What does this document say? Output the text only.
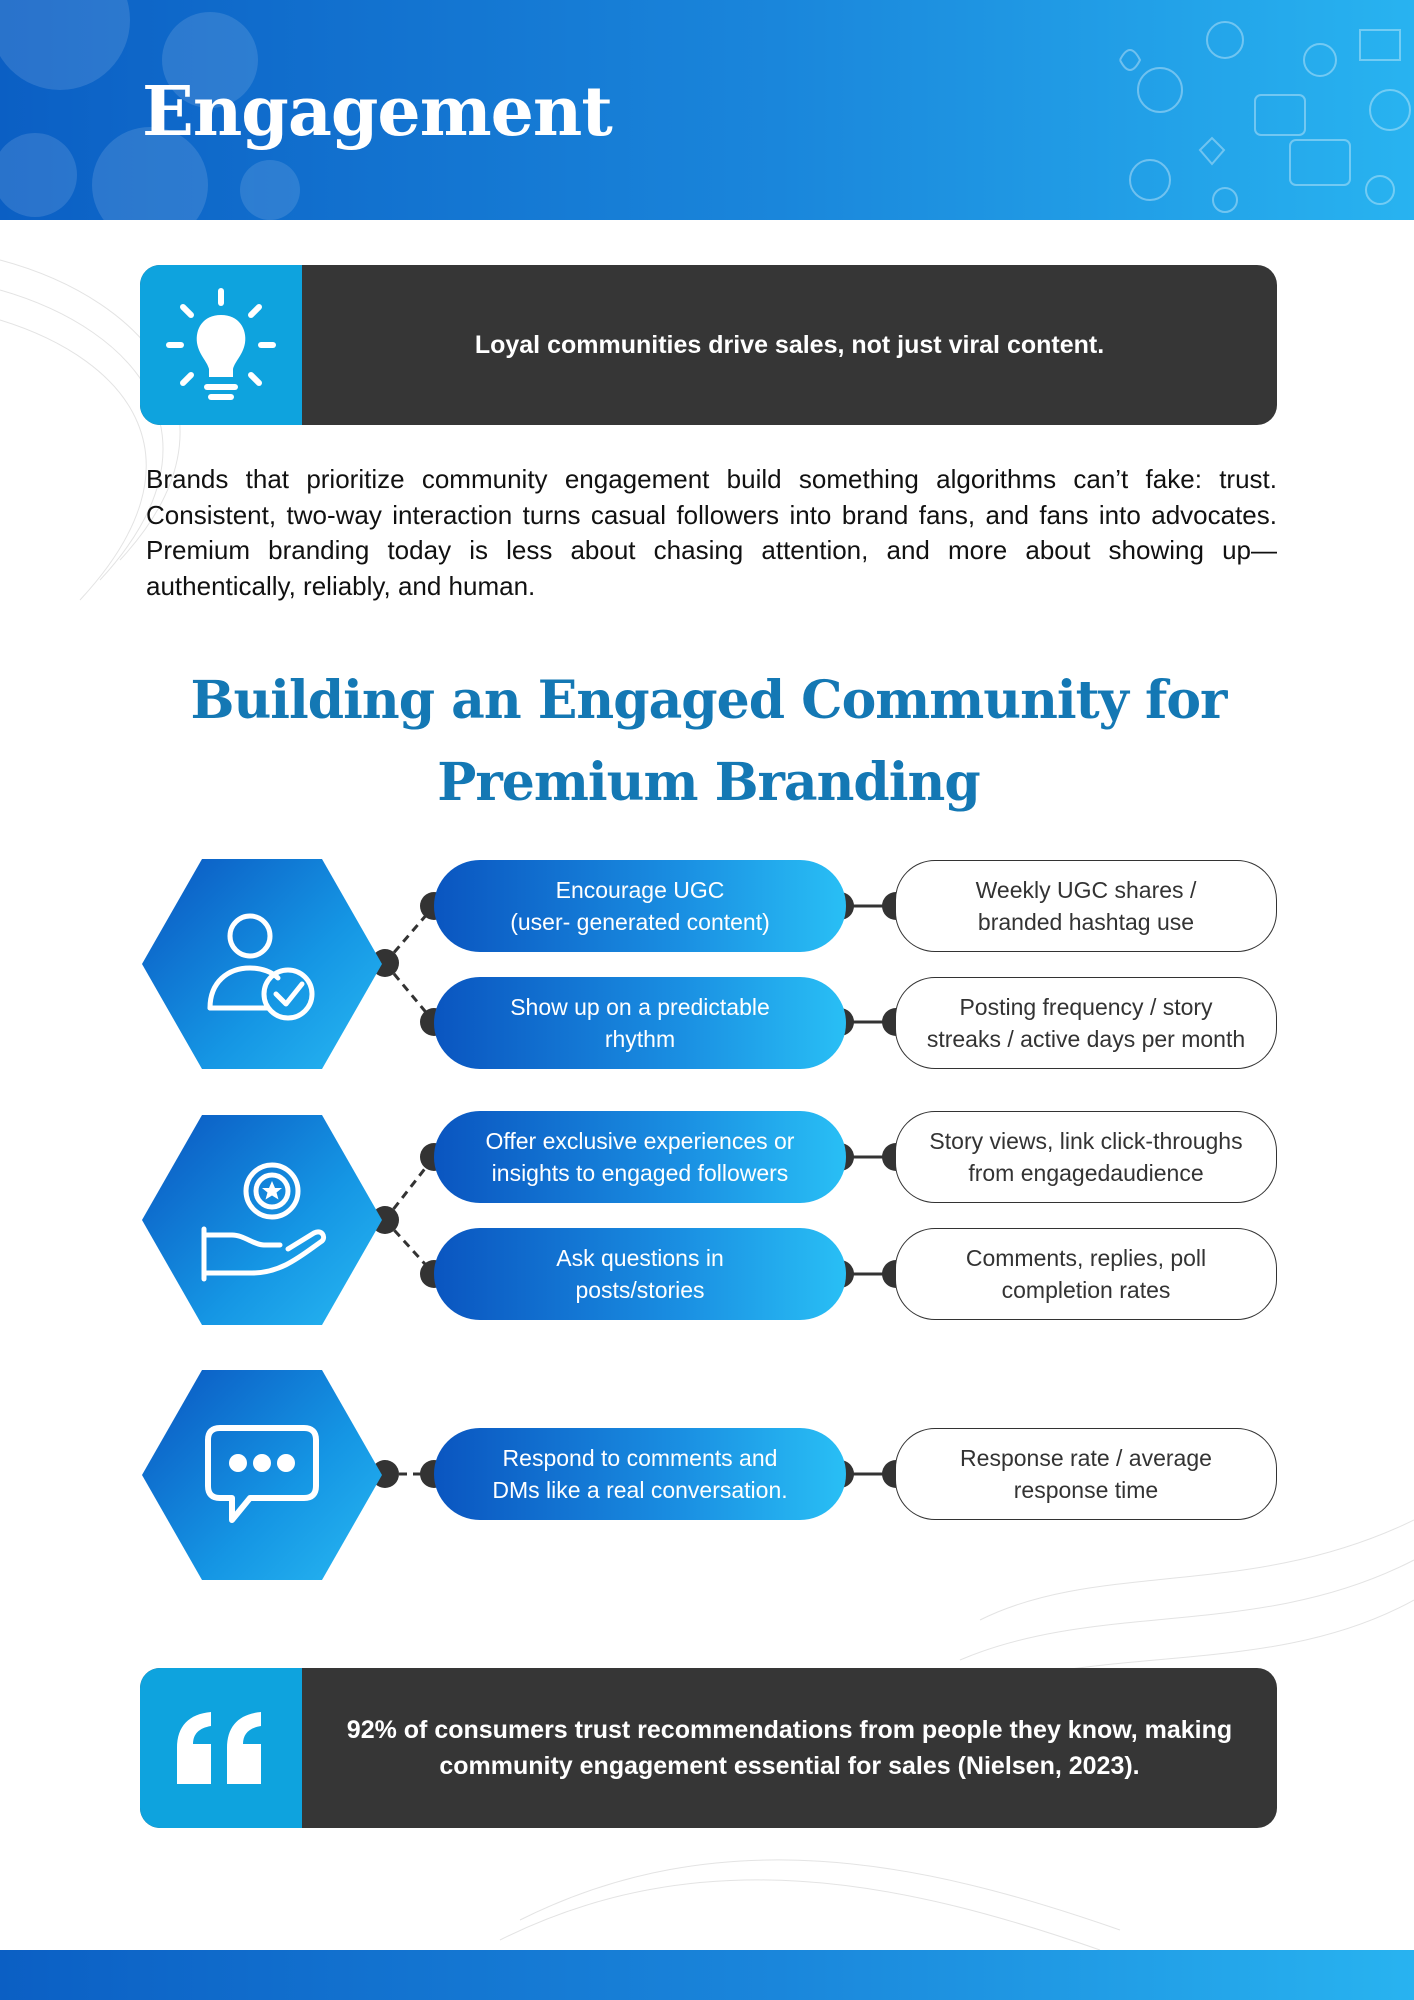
Engagement
Loyal communities drive sales, not just viral content.

Brands that prioritize community engagement build something algorithms can’t fake: trust. Consistent, two-way interaction turns casual followers into brand fans, and fans into advocates. Premium branding today is less about chasing attention, and more about showing up—authentically, reliably, and human.

Building an Engaged Community for
Premium Branding
Encourage UGC
(user- generated content)
Weekly UGC shares /
branded hashtag use
Show up on a predictable
rhythm
Posting frequency / story
streaks / active days per month
Offer exclusive experiences or
insights to engaged followers
Story views, link click-throughs
from engagedaudience
Ask questions in
posts/stories
Comments, replies, poll
completion rates
Respond to comments and
DMs like a real conversation.
Response rate / average
response time
92% of consumers trust recommendations from people they know, making
community engagement essential for sales (Nielsen, 2023).
